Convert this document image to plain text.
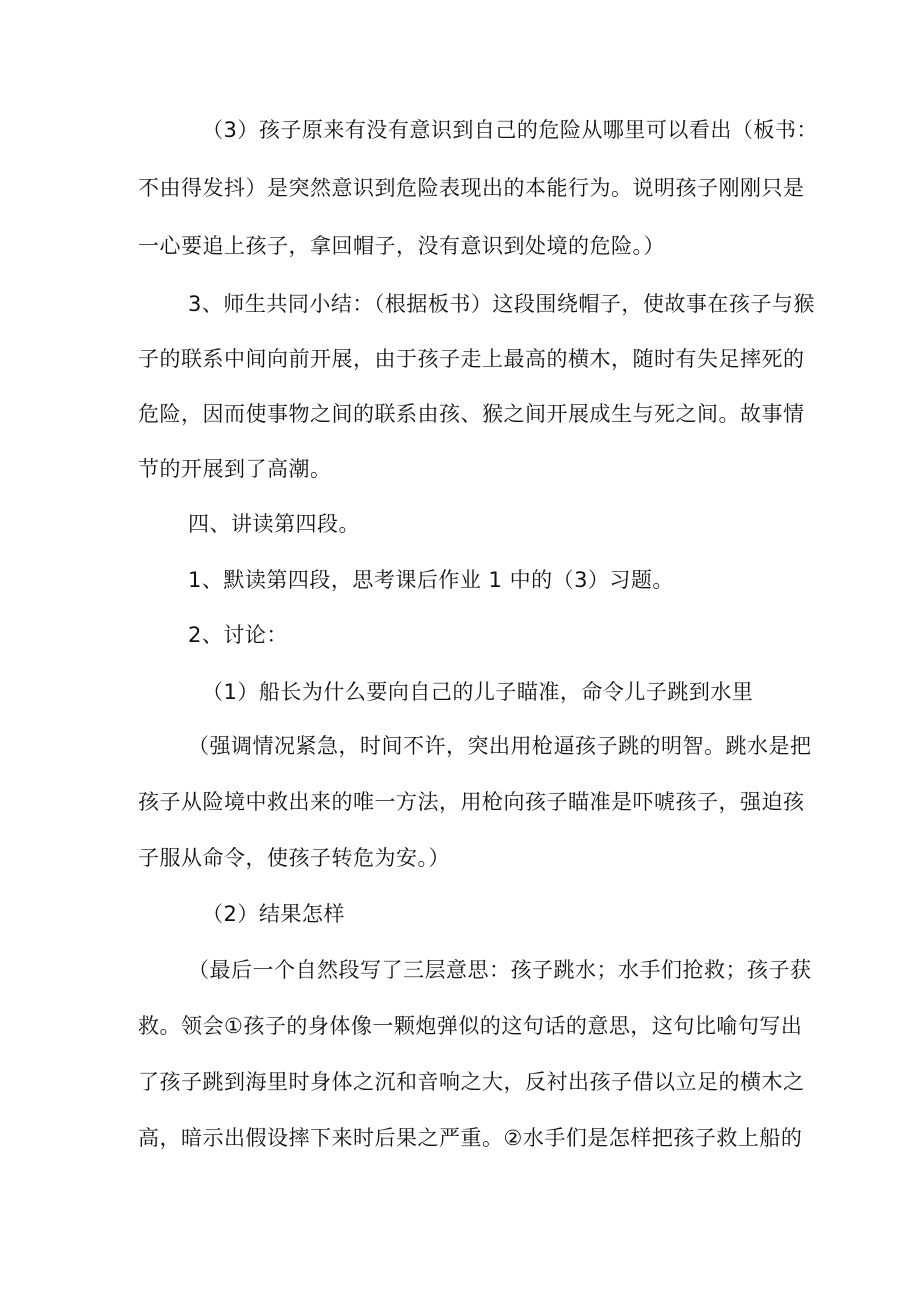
（3）孩子原来有没有意识到自己的危险从哪里可以看出（板书：
不由得发抖）是突然意识到危险表现出的本能行为。说明孩子刚刚只是
一心要追上孩子，拿回帽子，没有意识到处境的危险。）
3、师生共同小结：（根据板书）这段围绕帽子，使故事在孩子与猴
子的联系中间向前开展，由于孩子走上最高的横木，随时有失足摔死的
危险，因而使事物之间的联系由孩、猴之间开展成生与死之间。故事情
节的开展到了高潮。
四、讲读第四段。
1、默读第四段，思考课后作业 1 中的（3）习题。
2、讨论：
（1）船长为什么要向自己的儿子瞄准，命令儿子跳到水里
（强调情况紧急，时间不许，突出用枪逼孩子跳的明智。跳水是把
孩子从险境中救出来的唯一方法，用枪向孩子瞄准是吓唬孩子，强迫孩
子服从命令，使孩子转危为安。）
（2）结果怎样
（最后一个自然段写了三层意思：孩子跳水；水手们抢救；孩子获
救。领会①孩子的身体像一颗炮弹似的这句话的意思，这句比喻句写出
了孩子跳到海里时身体之沉和音响之大，反衬出孩子借以立足的横木之
高，暗示出假设摔下来时后果之严重。②水手们是怎样把孩子救上船的
